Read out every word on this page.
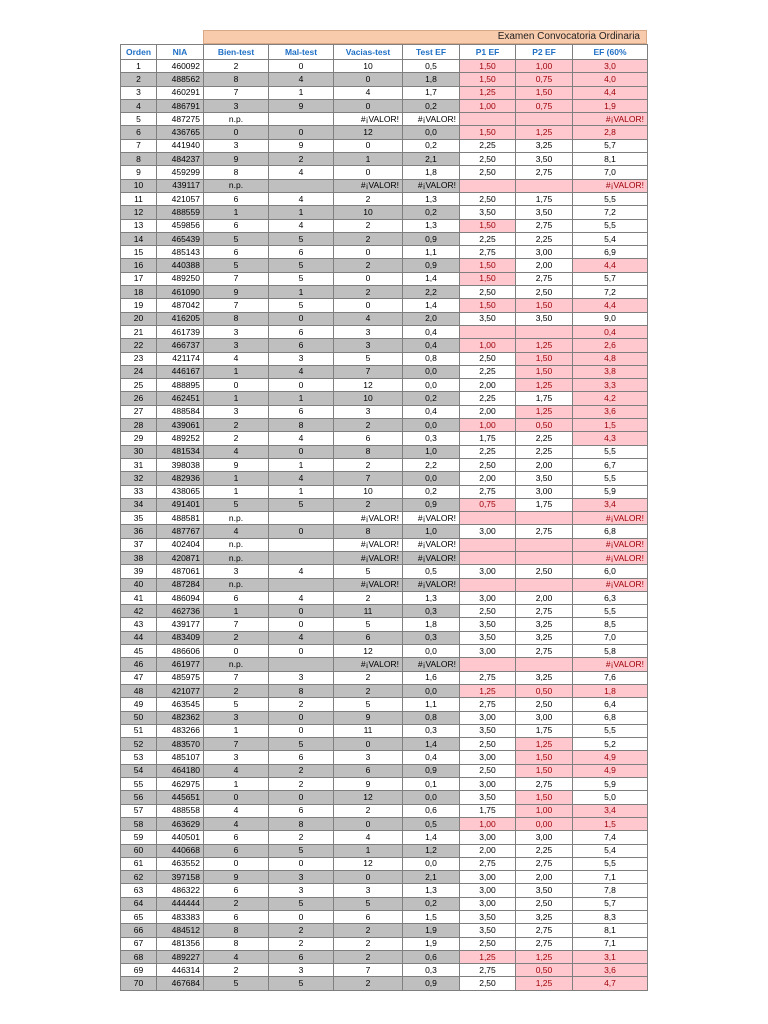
Examen Convocatoria Ordinaria
Orden	NIA	Bien-test	Mal-test	Vacias-test	Test EF	P1 EF	P2 EF	EF (60%
1	460092	2	0	10	0,5	1,50	1,00	3,0
2	488562	8	4	0	1,8	1,50	0,75	4,0
3	460291	7	1	4	1,7	1,25	1,50	4,4
4	486791	3	9	0	0,2	1,00	0,75	1,9
5	487275	n.p.		#¡VALOR!	#¡VALOR!			#¡VALOR!
6	436765	0	0	12	0,0	1,50	1,25	2,8
7	441940	3	9	0	0,2	2,25	3,25	5,7
8	484237	9	2	1	2,1	2,50	3,50	8,1
9	459299	8	4	0	1,8	2,50	2,75	7,0
10	439117	n.p.		#¡VALOR!	#¡VALOR!			#¡VALOR!
11	421057	6	4	2	1,3	2,50	1,75	5,5
12	488559	1	1	10	0,2	3,50	3,50	7,2
13	459856	6	4	2	1,3	1,50	2,75	5,5
14	465439	5	5	2	0,9	2,25	2,25	5,4
15	485143	6	6	0	1,1	2,75	3,00	6,9
16	440388	5	5	2	0,9	1,50	2,00	4,4
17	489250	7	5	0	1,4	1,50	2,75	5,7
18	461090	9	1	2	2,2	2,50	2,50	7,2
19	487042	7	5	0	1,4	1,50	1,50	4,4
20	416205	8	0	4	2,0	3,50	3,50	9,0
21	461739	3	6	3	0,4			0,4
22	466737	3	6	3	0,4	1,00	1,25	2,6
23	421174	4	3	5	0,8	2,50	1,50	4,8
24	446167	1	4	7	0,0	2,25	1,50	3,8
25	488895	0	0	12	0,0	2,00	1,25	3,3
26	462451	1	1	10	0,2	2,25	1,75	4,2
27	488584	3	6	3	0,4	2,00	1,25	3,6
28	439061	2	8	2	0,0	1,00	0,50	1,5
29	489252	2	4	6	0,3	1,75	2,25	4,3
30	481534	4	0	8	1,0	2,25	2,25	5,5
31	398038	9	1	2	2,2	2,50	2,00	6,7
32	482936	1	4	7	0,0	2,00	3,50	5,5
33	438065	1	1	10	0,2	2,75	3,00	5,9
34	491401	5	5	2	0,9	0,75	1,75	3,4
35	488581	n.p.		#¡VALOR!	#¡VALOR!			#¡VALOR!
36	487767	4	0	8	1,0	3,00	2,75	6,8
37	402404	n.p.		#¡VALOR!	#¡VALOR!			#¡VALOR!
38	420871	n.p.		#¡VALOR!	#¡VALOR!			#¡VALOR!
39	487061	3	4	5	0,5	3,00	2,50	6,0
40	487284	n.p.		#¡VALOR!	#¡VALOR!			#¡VALOR!
41	486094	6	4	2	1,3	3,00	2,00	6,3
42	462736	1	0	11	0,3	2,50	2,75	5,5
43	439177	7	0	5	1,8	3,50	3,25	8,5
44	483409	2	4	6	0,3	3,50	3,25	7,0
45	486606	0	0	12	0,0	3,00	2,75	5,8
46	461977	n.p.		#¡VALOR!	#¡VALOR!			#¡VALOR!
47	485975	7	3	2	1,6	2,75	3,25	7,6
48	421077	2	8	2	0,0	1,25	0,50	1,8
49	463545	5	2	5	1,1	2,75	2,50	6,4
50	482362	3	0	9	0,8	3,00	3,00	6,8
51	483266	1	0	11	0,3	3,50	1,75	5,5
52	483570	7	5	0	1,4	2,50	1,25	5,2
53	485107	3	6	3	0,4	3,00	1,50	4,9
54	464180	4	2	6	0,9	2,50	1,50	4,9
55	462975	1	2	9	0,1	3,00	2,75	5,9
56	445651	0	0	12	0,0	3,50	1,50	5,0
57	488558	4	6	2	0,6	1,75	1,00	3,4
58	463629	4	8	0	0,5	1,00	0,00	1,5
59	440501	6	2	4	1,4	3,00	3,00	7,4
60	440668	6	5	1	1,2	2,00	2,25	5,4
61	463552	0	0	12	0,0	2,75	2,75	5,5
62	397158	9	3	0	2,1	3,00	2,00	7,1
63	486322	6	3	3	1,3	3,00	3,50	7,8
64	444444	2	5	5	0,2	3,00	2,50	5,7
65	483383	6	0	6	1,5	3,50	3,25	8,3
66	484512	8	2	2	1,9	3,50	2,75	8,1
67	481356	8	2	2	1,9	2,50	2,75	7,1
68	489227	4	6	2	0,6	1,25	1,25	3,1
69	446314	2	3	7	0,3	2,75	0,50	3,6
70	467684	5	5	2	0,9	2,50	1,25	4,7
